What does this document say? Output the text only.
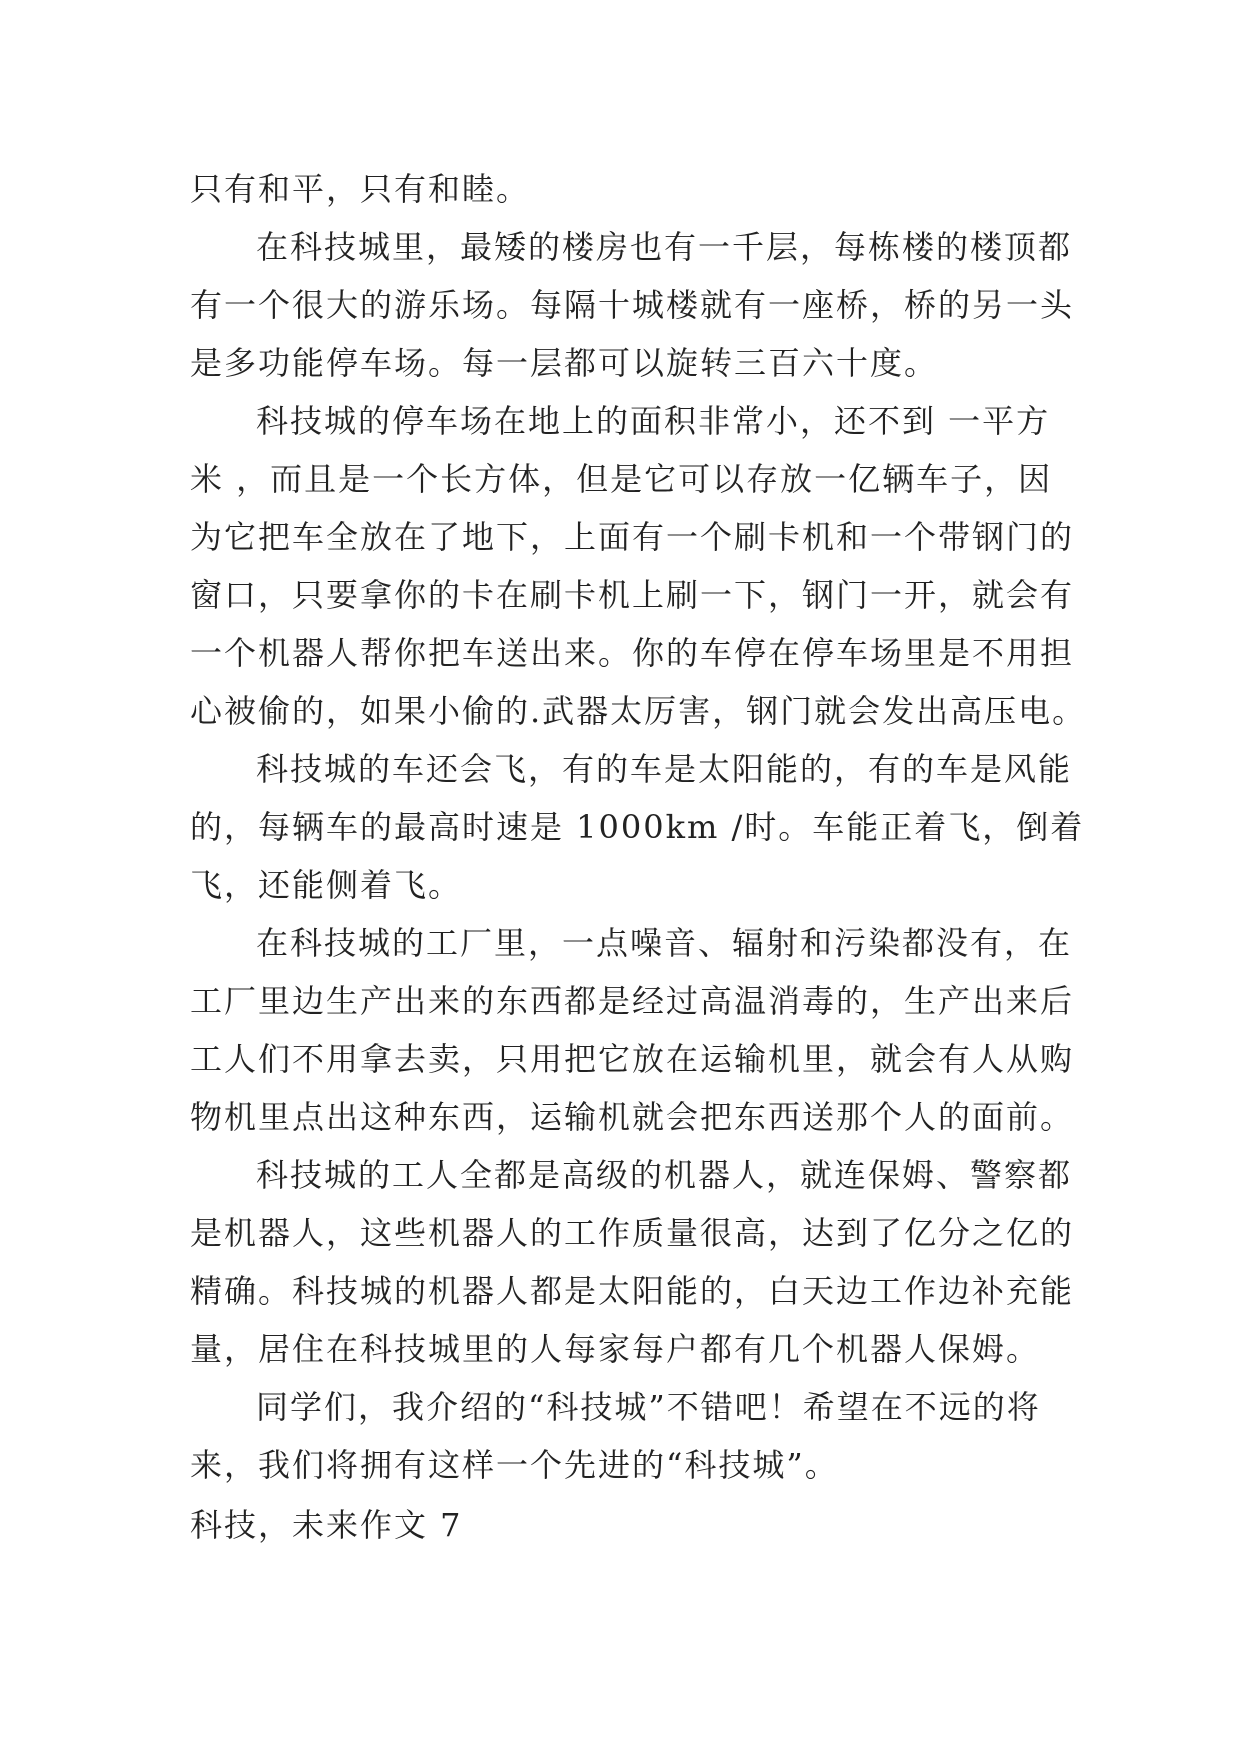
只有和平，只有和睦。
在科技城里，最矮的楼房也有一千层，每栋楼的楼顶都
有一个很大的游乐场。每隔十城楼就有一座桥，桥的另一头
是多功能停车场。每一层都可以旋转三百六十度。
科技城的停车场在地上的面积非常小，还不到 一平方
米 ，而且是一个长方体，但是它可以存放一亿辆车子，因
为它把车全放在了地下，上面有一个刷卡机和一个带钢门的
窗口，只要拿你的卡在刷卡机上刷一下，钢门一开，就会有
一个机器人帮你把车送出来。你的车停在停车场里是不用担
心被偷的，如果小偷的.武器太厉害，钢门就会发出高压电。
科技城的车还会飞，有的车是太阳能的，有的车是风能
的，每辆车的最高时速是 1000km /时。车能正着飞，倒着
飞，还能侧着飞。
在科技城的工厂里，一点噪音、辐射和污染都没有，在
工厂里边生产出来的东西都是经过高温消毒的，生产出来后
工人们不用拿去卖，只用把它放在运输机里，就会有人从购
物机里点出这种东西，运输机就会把东西送那个人的面前。
科技城的工人全都是高级的机器人，就连保姆、警察都
是机器人，这些机器人的工作质量很高，达到了亿分之亿的
精确。科技城的机器人都是太阳能的，白天边工作边补充能
量，居住在科技城里的人每家每户都有几个机器人保姆。
同学们，我介绍的“科技城”不错吧！希望在不远的将
来，我们将拥有这样一个先进的“科技城”。
科技，未来作文 7
